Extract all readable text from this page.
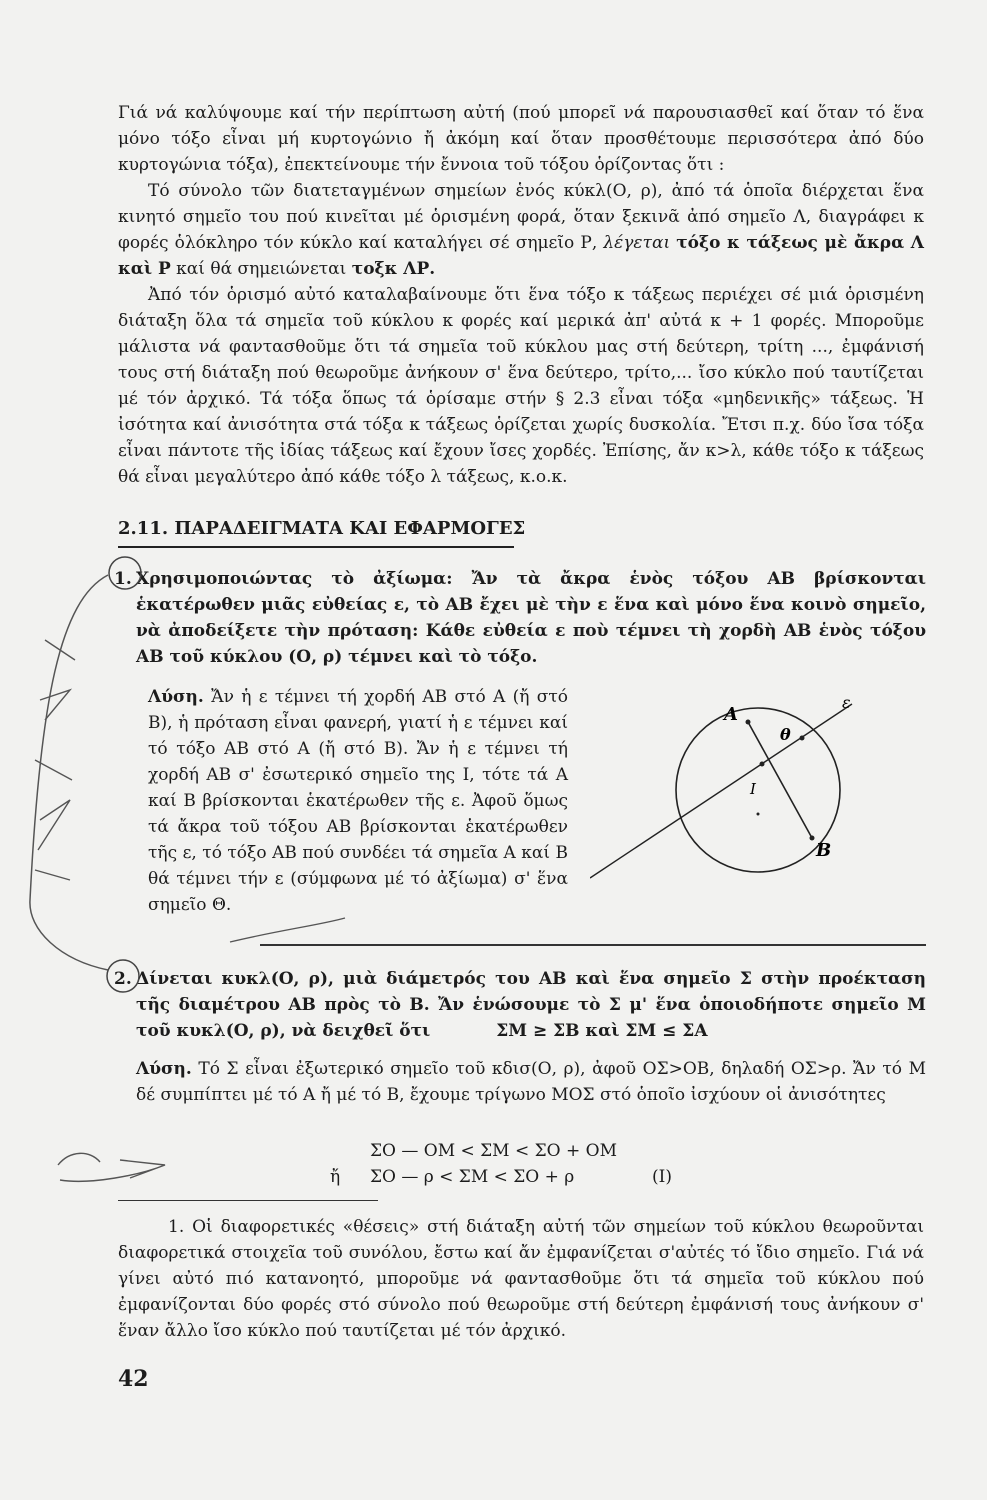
Γιά νά καλύψουμε καί τήν περίπτωση αὐτή (πού μπορεῖ νά παρουσιασθεῖ καί ὅταν τό ἕνα μόνο τόξο εἶναι μή κυρτογώνιο ἤ ἀκόμη καί ὅταν προσθέτουμε περισσότερα ἀπό δύο κυρτογώνια τόξα), ἐπεκτείνουμε τήν ἔννοια τοῦ τόξου ὁρίζοντας ὅτι :

Τό σύνολο τῶν διατεταγμένων σημείων ἑνός κύκλ(Ο, ρ), ἀπό τά ὁποῖα διέρχεται ἕνα κινητό σημεῖο του πού κινεῖται μέ ὁρισμένη φορά, ὅταν ξεκινᾶ ἀπό σημεῖο Λ, διαγράφει κ φορές ὁλόκληρο τόν κύκλο καί καταλήγει σέ σημεῖο Ρ, λέγεται τόξο κ τάξεως μὲ ἄκρα Λ καὶ Ρ καί θά σημειώνεται τοξκ ΛΡ.

Ἀπό τόν ὁρισμό αὐτό καταλαβαίνουμε ὅτι ἕνα τόξο κ τάξεως περιέχει σέ μιά ὁρισμένη διάταξη ὅλα τά σημεῖα τοῦ κύκλου κ φορές καί μερικά ἀπ' αὐτά κ + 1 φορές. Μποροῦμε μάλιστα νά φαντασθοῦμε ὅτι τά σημεῖα τοῦ κύκλου μας στή δεύτερη, τρίτη ..., ἐμφάνισή τους στή διάταξη πού θεωροῦμε ἀνήκουν σ' ἕνα δεύτερο, τρίτο,... ἴσο κύκλο πού ταυτίζεται μέ τόν ἀρχικό. Τά τόξα ὅπως τά ὁρίσαμε στήν § 2.3 εἶναι τόξα «μηδενικῆς» τάξεως. Ἡ ἰσότητα καί ἀνισότητα στά τόξα κ τάξεως ὁρίζεται χωρίς δυσκολία. Ἔτσι π.χ. δύο ἴσα τόξα εἶναι πάντοτε τῆς ἰδίας τάξεως καί ἔχουν ἴσες χορδές. Ἐπίσης, ἄν κ>λ, κάθε τόξο κ τάξεως θά εἶναι μεγαλύτερο ἀπό κάθε τόξο λ τάξεως, κ.ο.κ.

2.11. ΠΑΡΑΔΕΙΓΜΑΤΑ ΚΑΙ ΕΦΑΡΜΟΓΕΣ
1. Χρησιμοποιώντας τὸ ἀξίωμα: Ἄν τὰ ἄκρα ἑνὸς τόξου ΑΒ βρίσκονται ἑκατέρωθεν μιᾶς εὐθείας ε, τὸ ΑΒ ἔχει μὲ τὴν ε ἕνα καὶ μόνο ἕνα κοινὸ σημεῖο, νὰ ἀποδείξετε τὴν πρόταση: Κάθε εὐθεία ε ποὺ τέμνει τὴ χορδὴ ΑΒ ἑνὸς τόξου ΑΒ τοῦ κύκλου (Ο, ρ) τέμνει καὶ τὸ τόξο.
Λύση. Ἄν ἡ ε τέμνει τή χορδή ΑΒ στό Α (ἤ στό Β), ἡ πρόταση εἶναι φανερή, γιατί ἡ ε τέμνει καί τό τόξο ΑΒ στό Α (ἤ στό Β). Ἄν ἡ ε τέμνει τή χορδή ΑΒ σ' ἐσωτερικό σημεῖο της Ι, τότε τά Α καί Β βρίσκονται ἑκατέρωθεν τῆς ε. Ἀφοῦ ὅμως τά ἄκρα τοῦ τόξου ΑΒ βρίσκονται ἑκατέρωθεν τῆς ε, τό τόξο ΑΒ πού συνδέει τά σημεῖα Α καί Β θά τέμνει τήν ε (σύμφωνα μέ τό ἀξίωμα) σ' ἕνα σημεῖο Θ.
A
θ
ε
I
B
2. Δίνεται κυκλ(Ο, ρ), μιὰ διάμετρός του ΑΒ καὶ ἕνα σημεῖο Σ στὴν προέκταση τῆς διαμέτρου ΑΒ πρὸς τὸ Β. Ἄν ἑνώσουμε τὸ Σ μ' ἕνα ὁποιοδήποτε σημεῖο Μ τοῦ κυκλ(Ο, ρ), νὰ δειχθεῖ ὅτι	ΣΜ ≥ ΣΒ καὶ ΣΜ ≤ ΣΑ
Λύση. Τό Σ εἶναι ἐξωτερικό σημεῖο τοῦ κδισ(Ο, ρ), ἀφοῦ ΟΣ>ΟΒ, δηλαδή ΟΣ>ρ. Ἄν τό Μ δέ συμπίπτει μέ τό Α ἤ μέ τό Β, ἔχουμε τρίγωνο ΜΟΣ στό ὁποῖο ἰσχύουν οἱ ἀνισότητες
ΣΟ — ΟΜ < ΣΜ < ΣΟ + ΟΜ
ἤ ΣΟ — ρ < ΣΜ < ΣΟ + ρ	(I)

1. Οἱ διαφορετικές «θέσεις» στή διάταξη αὐτή τῶν σημείων τοῦ κύκλου θεωροῦνται διαφορετικά στοιχεῖα τοῦ συνόλου, ἔστω καί ἄν ἐμφανίζεται σ'αὐτές τό ἴδιο σημεῖο. Γιά νά γίνει αὐτό πιό κατανοητό, μποροῦμε νά φαντασθοῦμε ὅτι τά σημεῖα τοῦ κύκλου πού ἐμφανίζονται δύο φορές στό σύνολο πού θεωροῦμε στή δεύτερη ἐμφάνισή τους ἀνήκουν σ' ἕναν ἄλλο ἴσο κύκλο πού ταυτίζεται μέ τόν ἀρχικό.

42
